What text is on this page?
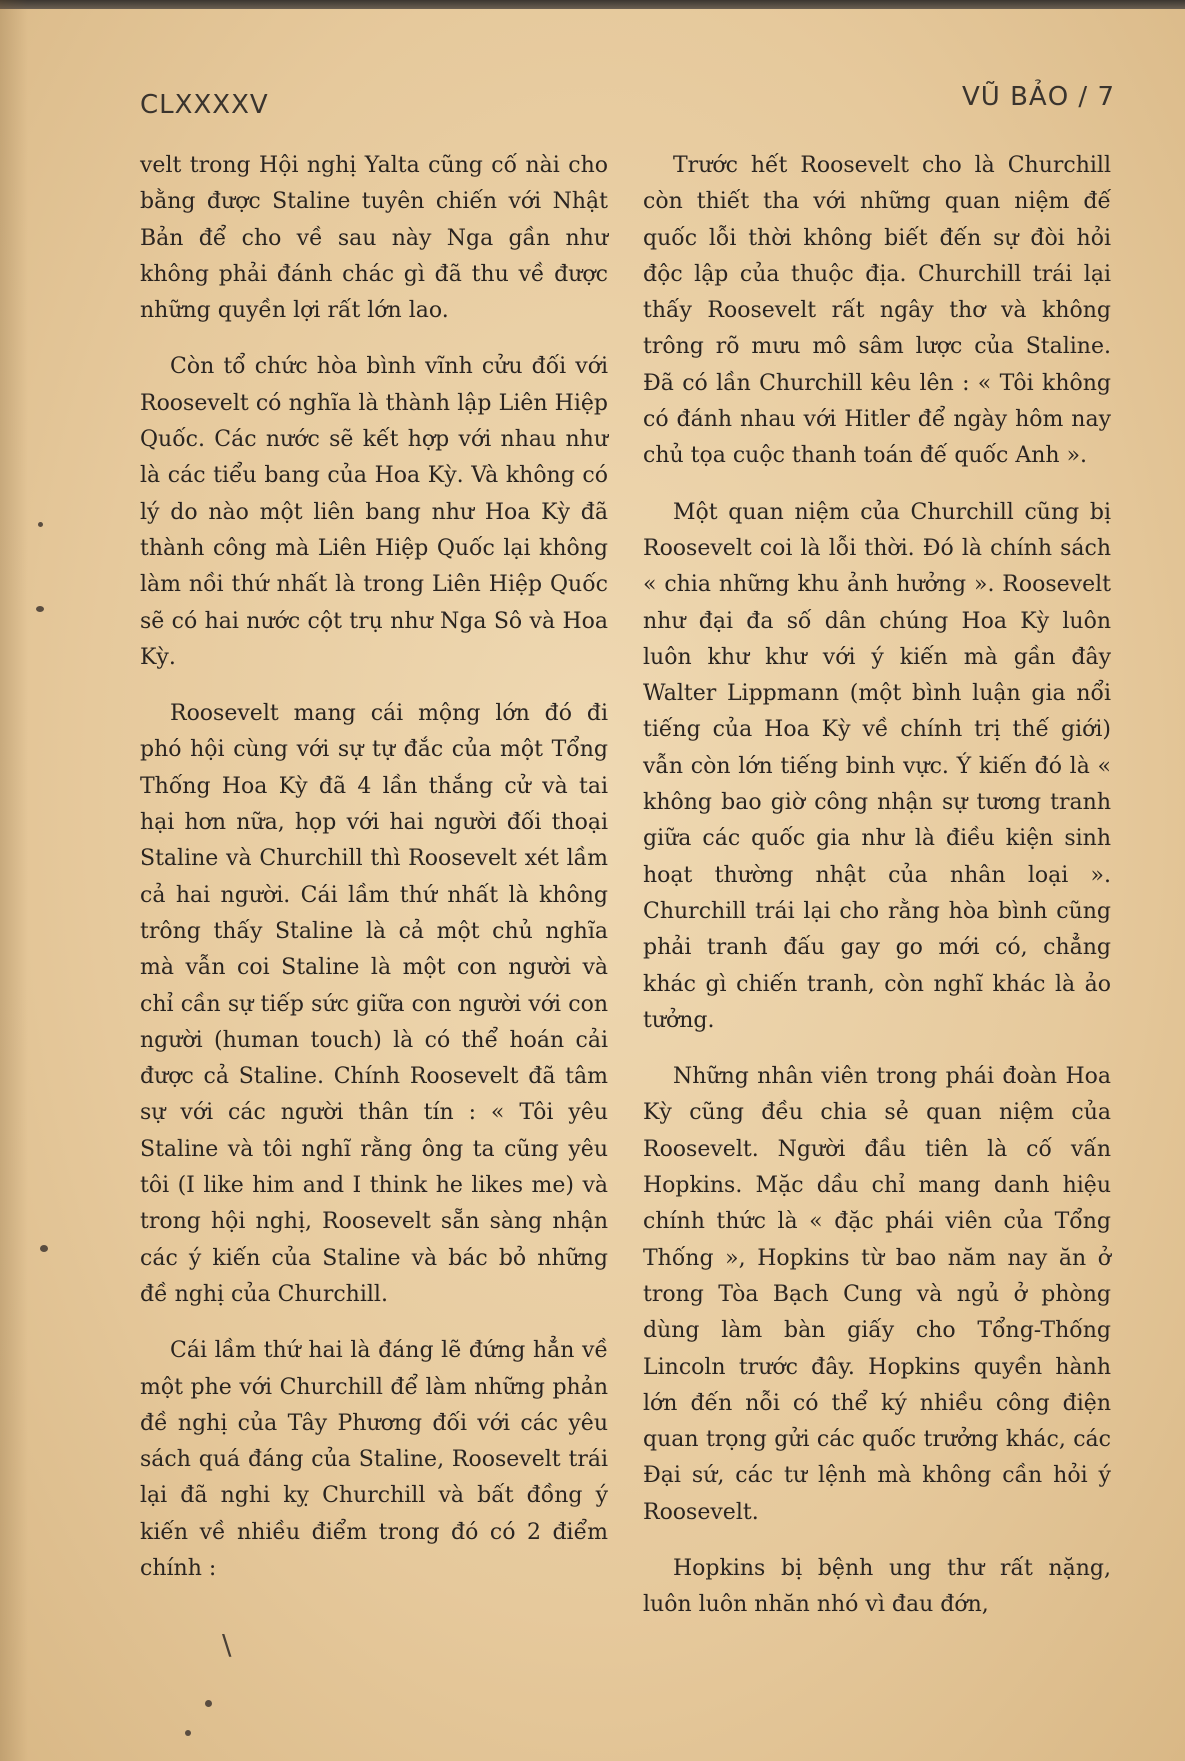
CLXXXXV	VŨ BẢO / 7

velt trong Hội nghị Yalta cũng cố nài cho bằng được Staline tuyên chiến với Nhật Bản để cho về sau này Nga gần như không phải đánh chác gì đã thu về được những quyền lợi rất lớn lao.

Còn tổ chức hòa bình vĩnh cửu đối với Roosevelt có nghĩa là thành lập Liên Hiệp Quốc. Các nước sẽ kết hợp với nhau như là các tiểu bang của Hoa Kỳ. Và không có lý do nào một liên bang như Hoa Kỳ đã thành công mà Liên Hiệp Quốc lại không làm nồi thứ nhất là trong Liên Hiệp Quốc sẽ có hai nước cột trụ như Nga Sô và Hoa Kỳ.

Roosevelt mang cái mộng lớn đó đi phó hội cùng với sự tự đắc của một Tổng Thống Hoa Kỳ đã 4 lần thắng cử và tai hại hơn nữa, họp với hai người đối thoại Staline và Churchill thì Roosevelt xét lầm cả hai người. Cái lầm thứ nhất là không trông thấy Staline là cả một chủ nghĩa mà vẫn coi Staline là một con người và chỉ cần sự tiếp sức giữa con người với con người (human touch) là có thể hoán cải được cả Staline. Chính Roosevelt đã tâm sự với các người thân tín : « Tôi yêu Staline và tôi nghĩ rằng ông ta cũng yêu tôi (I like him and I think he likes me) và trong hội nghị, Roosevelt sẵn sàng nhận các ý kiến của Staline và bác bỏ những đề nghị của Churchill.

Cái lầm thứ hai là đáng lẽ đứng hẳn về một phe với Churchill để làm những phản đề nghị của Tây Phương đối với các yêu sách quá đáng của Staline, Roosevelt trái lại đã nghi kỵ Churchill và bất đồng ý kiến về nhiều điểm trong đó có 2 điểm chính :

Trước hết Roosevelt cho là Churchill còn thiết tha với những quan niệm đế quốc lỗi thời không biết đến sự đòi hỏi độc lập của thuộc địa. Churchill trái lại thấy Roosevelt rất ngây thơ và không trông rõ mưu mô sâm lược của Staline. Đã có lần Churchill kêu lên : « Tôi không có đánh nhau với Hitler để ngày hôm nay chủ tọa cuộc thanh toán đế quốc Anh ».

Một quan niệm của Churchill cũng bị Roosevelt coi là lỗi thời. Đó là chính sách « chia những khu ảnh hưởng ». Roosevelt như đại đa số dân chúng Hoa Kỳ luôn luôn khư khư với ý kiến mà gần đây Walter Lippmann (một bình luận gia nổi tiếng của Hoa Kỳ về chính trị thế giới) vẫn còn lớn tiếng binh vực. Ý kiến đó là « không bao giờ công nhận sự tương tranh giữa các quốc gia như là điều kiện sinh hoạt thường nhật của nhân loại ». Churchill trái lại cho rằng hòa bình cũng phải tranh đấu gay go mới có, chẳng khác gì chiến tranh, còn nghĩ khác là ảo tưởng.

Những nhân viên trong phái đoàn Hoa Kỳ cũng đều chia sẻ quan niệm của Roosevelt. Người đầu tiên là cố vấn Hopkins. Mặc dầu chỉ mang danh hiệu chính thức là « đặc phái viên của Tổng Thống », Hopkins từ bao năm nay ăn ở trong Tòa Bạch Cung và ngủ ở phòng dùng làm bàn giấy cho Tổng-Thống Lincoln trước đây. Hopkins quyền hành lớn đến nỗi có thể ký nhiều công điện quan trọng gửi các quốc trưởng khác, các Đại sứ, các tư lệnh mà không cần hỏi ý Roosevelt.

Hopkins bị bệnh ung thư rất nặng, luôn luôn nhăn nhó vì đau đớn,

\
